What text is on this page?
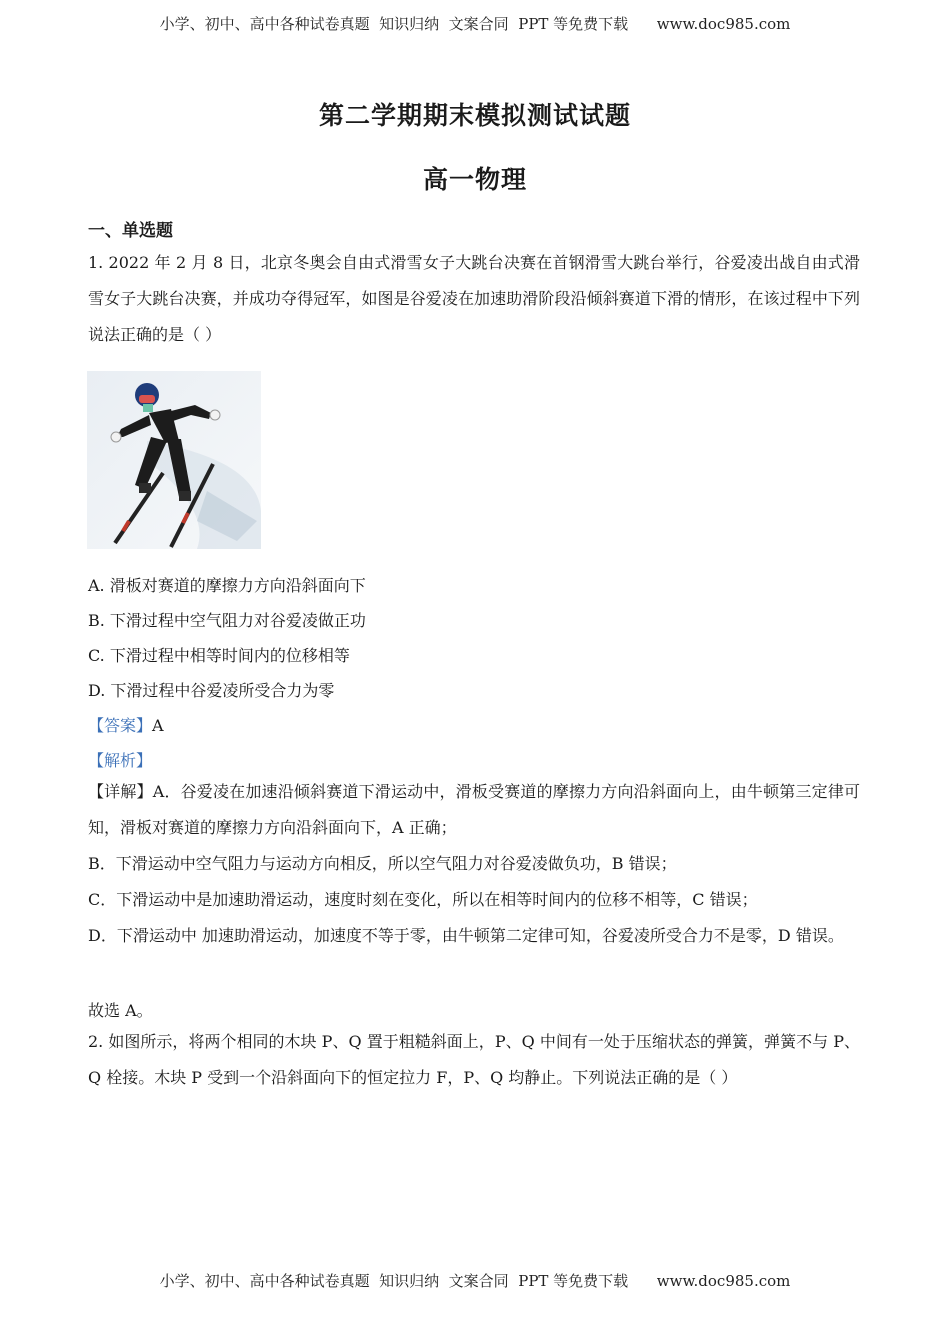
小学、初中、高中各种试卷真题  知识归纳  文案合同  PPT 等免费下载      www.doc985.com
第二学期期末模拟测试试题
高一物理
一、单选题
1. 2022 年 2 月 8 日，北京冬奥会自由式滑雪女子大跳台决赛在首钢滑雪大跳台举行，谷爱凌出战自由式滑雪女子大跳台决赛，并成功夺得冠军，如图是谷爱凌在加速助滑阶段沿倾斜赛道下滑的情形，在该过程中下列说法正确的是（ ）
A. 滑板对赛道的摩擦力方向沿斜面向下
B. 下滑过程中空气阻力对谷爱凌做正功
C. 下滑过程中相等时间内的位移相等
D. 下滑过程中谷爱凌所受合力为零
【答案】A
【解析】
【详解】A．谷爱凌在加速沿倾斜赛道下滑运动中，滑板受赛道的摩擦力方向沿斜面向上，由牛顿第三定律可知，滑板对赛道的摩擦力方向沿斜面向下，A 正确；
B．下滑运动中空气阻力与运动方向相反，所以空气阻力对谷爱凌做负功，B 错误；
C．下滑运动中是加速助滑运动，速度时刻在变化，所以在相等时间内的位移不相等，C 错误；
D．下滑运动中 加速助滑运动，加速度不等于零，由牛顿第二定律可知，谷爱凌所受合力不是零，D 错误。
故选 A。
2. 如图所示，将两个相同的木块 P、Q 置于粗糙斜面上，P、Q 中间有一处于压缩状态的弹簧，弹簧不与 P、Q 栓接。木块 P 受到一个沿斜面向下的恒定拉力 F，P、Q 均静止。下列说法正确的是（ ）
小学、初中、高中各种试卷真题  知识归纳  文案合同  PPT 等免费下载      www.doc985.com
